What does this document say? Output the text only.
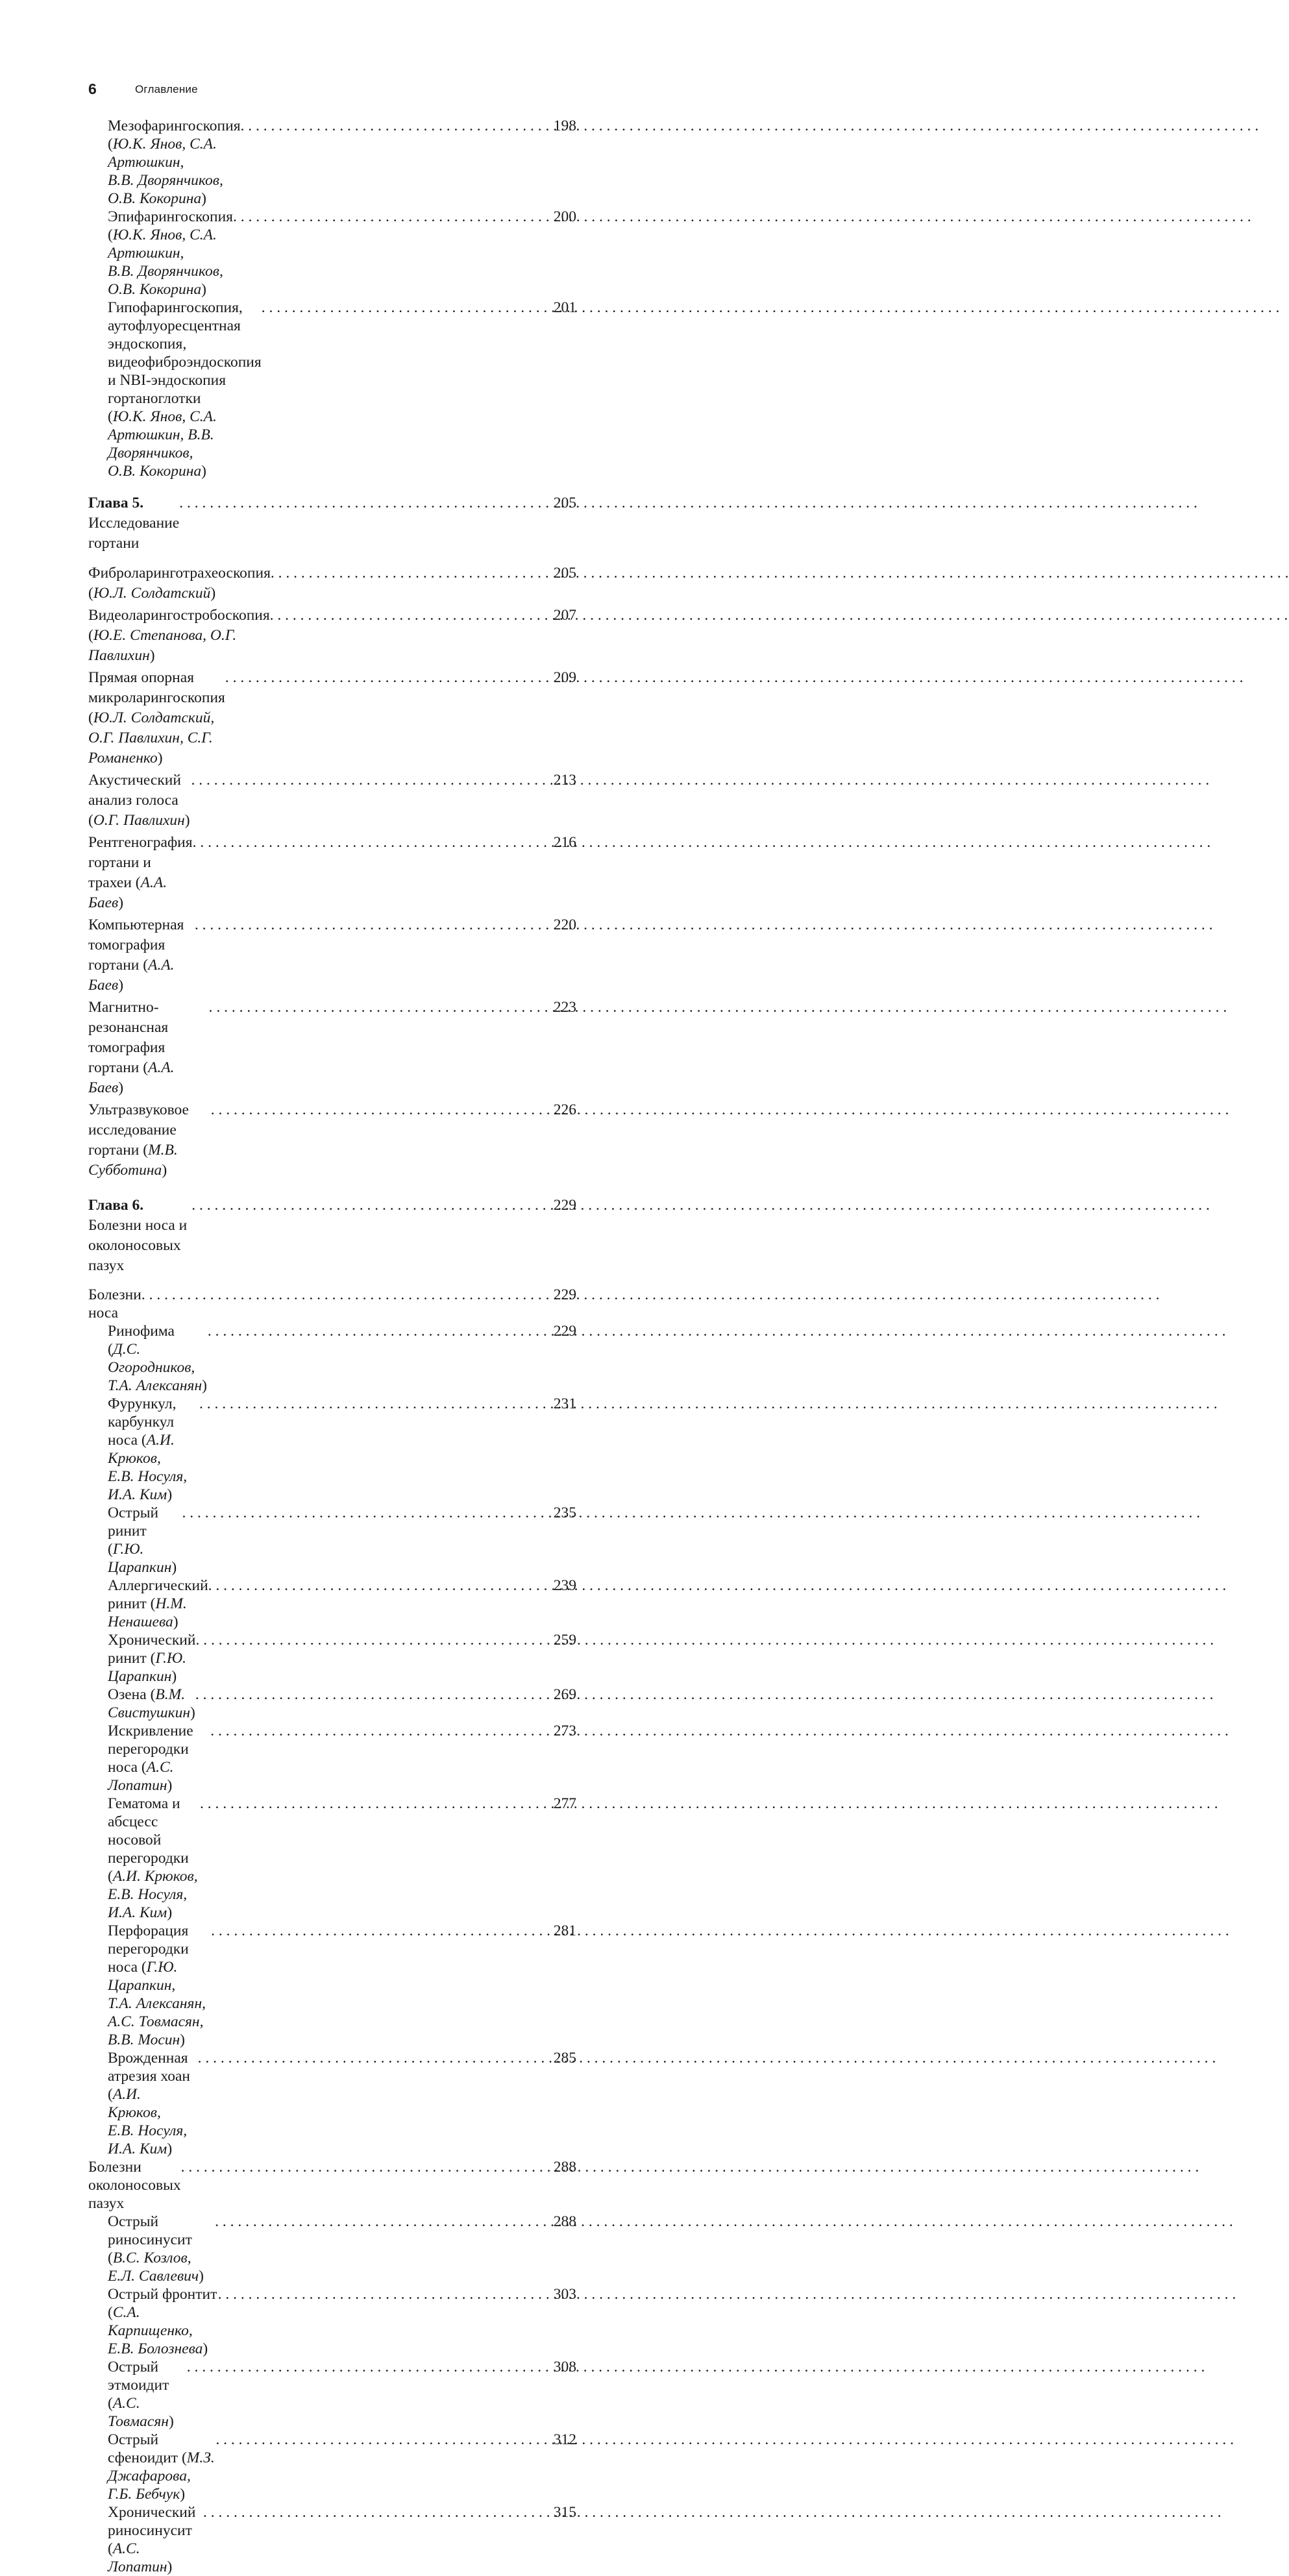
6	Оглавление
Мезофарингоскопия (Ю.К. Янов, С.А. Артюшкин,
В.В. Дворянчиков, О.В. Кокорина)
. . .
198
Эпифарингоскопия (Ю.К. Янов, С.А. Артюшкин,
В.В. Дворянчиков, О.В. Кокорина)
. . .
200
Гипофарингоскопия, аутофлуоресцентная эндоскопия,
видеофиброэндоскопия и NBI-эндоскопия гортаноглотки
(Ю.К. Янов, С.А. Артюшкин, В.В. Дворянчиков,
О.В. Кокорина)
. . .
201
Глава 5. Исследование гортани
. . .
205
Фиброларинготрахеоскопия (Ю.Л. Солдатский)
. . .
205
Видеоларингостробоскопия (Ю.Е. Степанова, О.Г. Павлихин)
. . .
207
Прямая опорная микроларингоскопия
(Ю.Л. Солдатский, О.Г. Павлихин, С.Г. Романенко)
. . .
209
Акустический анализ голоса (О.Г. Павлихин)
. . .
213
Рентгенография гортани и трахеи (А.А. Баев)
. . .
216
Компьютерная томография гортани (А.А. Баев)
. . .
220
Магнитно-резонансная томография гортани (А.А. Баев)
. . .
223
Ультразвуковое исследование гортани (М.В. Субботина)
. . .
226
Глава 6. Болезни носа и околоносовых пазух
. . .
229
Болезни носа
. . .
229
Ринофима (Д.С. Огородников, Т.А. Алексанян)
. . .
229
Фурункул, карбункул носа (А.И. Крюков,
Е.В. Носуля, И.А. Ким)
. . .
231
Острый ринит (Г.Ю. Царапкин)
. . .
235
Аллергический ринит (Н.М. Ненашева)
. . .
239
Хронический ринит (Г.Ю. Царапкин)
. . .
259
Озена (В.М. Свистушкин)
. . .
269
Искривление перегородки носа (А.С. Лопатин)
. . .
273
Гематома и абсцесс носовой перегородки
(А.И. Крюков, Е.В. Носуля, И.А. Ким)
. . .
277
Перфорация перегородки носа (Г.Ю. Царапкин,
Т.А. Алексанян, А.С. Товмасян, В.В. Мосин)
. . .
281
Врожденная атрезия хоан (А.И. Крюков,
Е.В. Носуля, И.А. Ким)
. . .
285
Болезни околоносовых пазух
. . .
288
Острый риносинусит (В.С. Козлов, Е.Л. Савлевич)
. . .
288
Острый фронтит (С.А. Карпищенко, Е.В. Болознева)
. . .
303
Острый этмоидит (А.С. Товмасян)
. . .
308
Острый сфеноидит (М.З. Джафарова, Г.Б. Бебчук)
. . .
312
Хронический риносинусит (А.С. Лопатин)
. . .
315
